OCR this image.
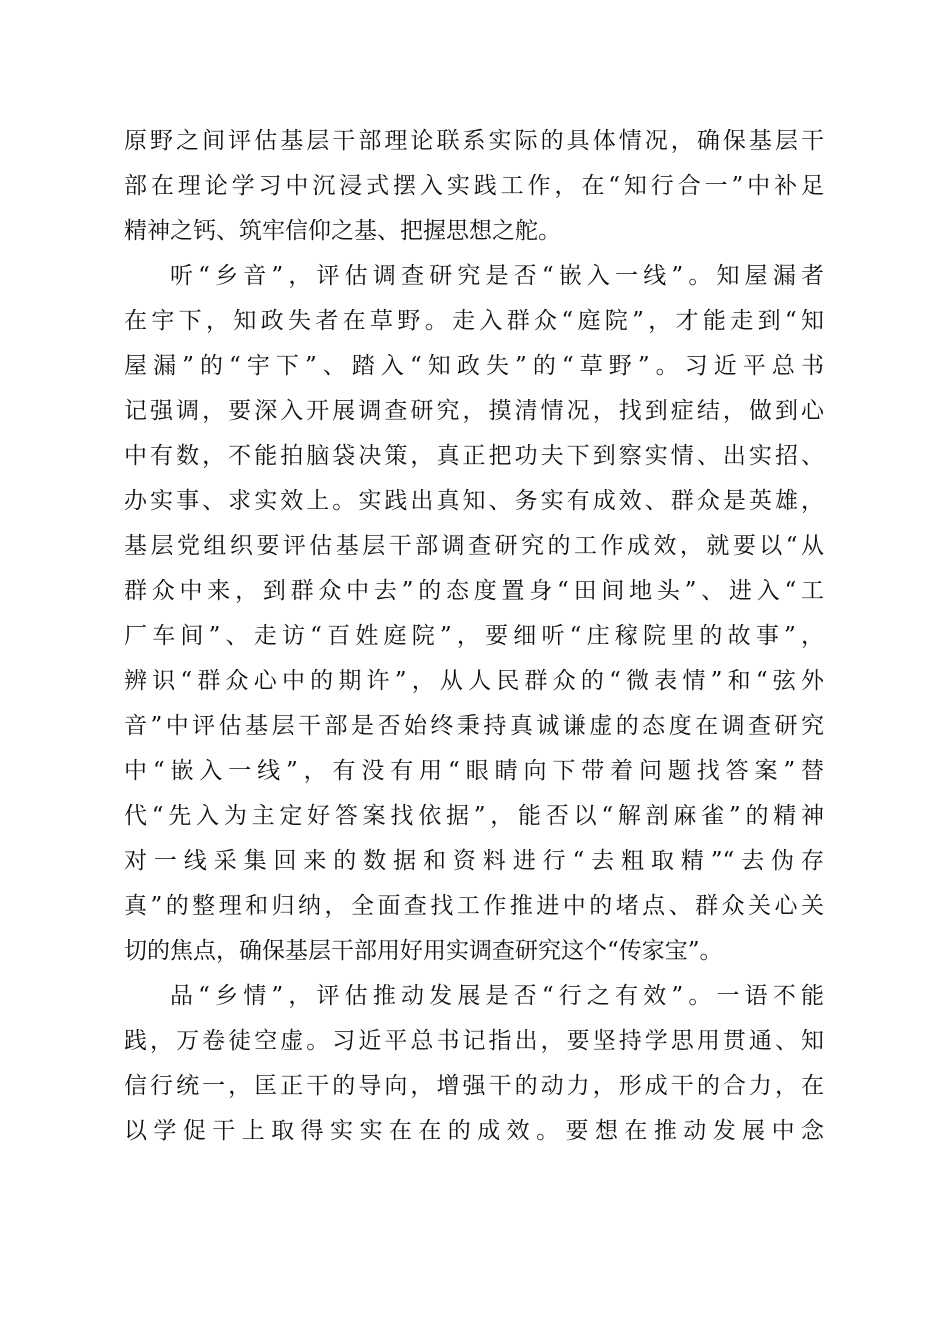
原野之间评估基层干部理论联系实际的具体情况，确保基层干
部在理论学习中沉浸式摆入实践工作，在“知行合一”中补足
精神之钙、筑牢信仰之基、把握思想之舵。
听“乡音”，评估调查研究是否“嵌入一线”。知屋漏者
在宇下，知政失者在草野。走入群众“庭院”，才能走到“知
屋漏”的“宇下”、踏入“知政失”的“草野”。习近平总书
记强调，要深入开展调查研究，摸清情况，找到症结，做到心
中有数，不能拍脑袋决策，真正把功夫下到察实情、出实招、
办实事、求实效上。实践出真知、务实有成效、群众是英雄，
基层党组织要评估基层干部调查研究的工作成效，就要以“从
群众中来，到群众中去”的态度置身“田间地头”、进入“工
厂车间”、走访“百姓庭院”，要细听“庄稼院里的故事”，
辨识“群众心中的期许”，从人民群众的“微表情”和“弦外
音”中评估基层干部是否始终秉持真诚谦虚的态度在调查研究
中“嵌入一线”，有没有用“眼睛向下带着问题找答案”替
代“先入为主定好答案找依据”，能否以“解剖麻雀”的精神
对一线采集回来的数据和资料进行“去粗取精”“去伪存
真”的整理和归纳，全面查找工作推进中的堵点、群众关心关
切的焦点，确保基层干部用好用实调查研究这个“传家宝”。
品“乡情”，评估推动发展是否“行之有效”。一语不能
践，万卷徒空虚。习近平总书记指出，要坚持学思用贯通、知
信行统一，匡正干的导向，增强干的动力，形成干的合力，在
以学促干上取得实实在在的成效。要想在推动发展中念
